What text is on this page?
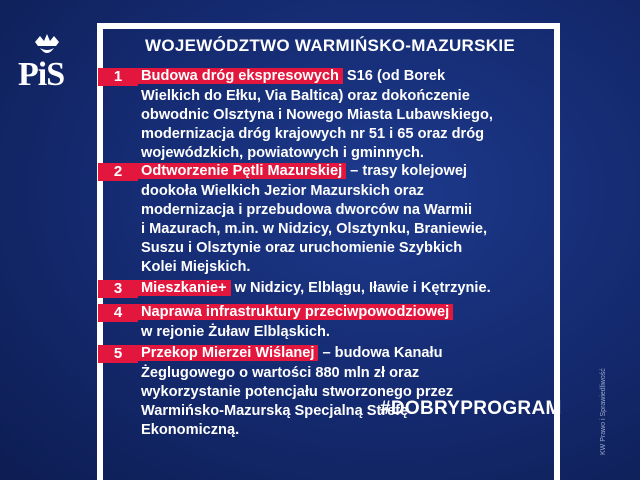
PiS
WOJEWÓDZTWO WARMIŃSKO-MAZURSKIE
1	Budowa dróg ekspresowych S16 (od Borek
Wielkich do Ełku, Via Baltica) oraz dokończenie
obwodnic Olsztyna i Nowego Miasta Lubawskiego,
modernizacja dróg krajowych nr 51 i 65 oraz dróg
wojewódzkich, powiatowych i gminnych.
2	Odtworzenie Pętli Mazurskiej – trasy kolejowej
dookoła Wielkich Jezior Mazurskich oraz
modernizacja i przebudowa dworców na Warmii
i Mazurach, m.in. w Nidzicy, Olsztynku, Braniewie,
Suszu i Olsztynie oraz uruchomienie Szybkich
Kolei Miejskich.
3	Mieszkanie+ w Nidzicy, Elblągu, Iławie i Kętrzynie.
4	Naprawa infrastruktury przeciwpowodziowej
w rejonie Żuław Elbląskich.
5	Przekop Mierzei Wiślanej – budowa Kanału
Żeglugowego o wartości 880 mln zł oraz
wykorzystanie potencjału stworzonego przez
Warmińsko-Mazurską Specjalną Strefę
Ekonomiczną.
#DOBRYPROGRAM	KW Prawo i Sprawiedliwość
